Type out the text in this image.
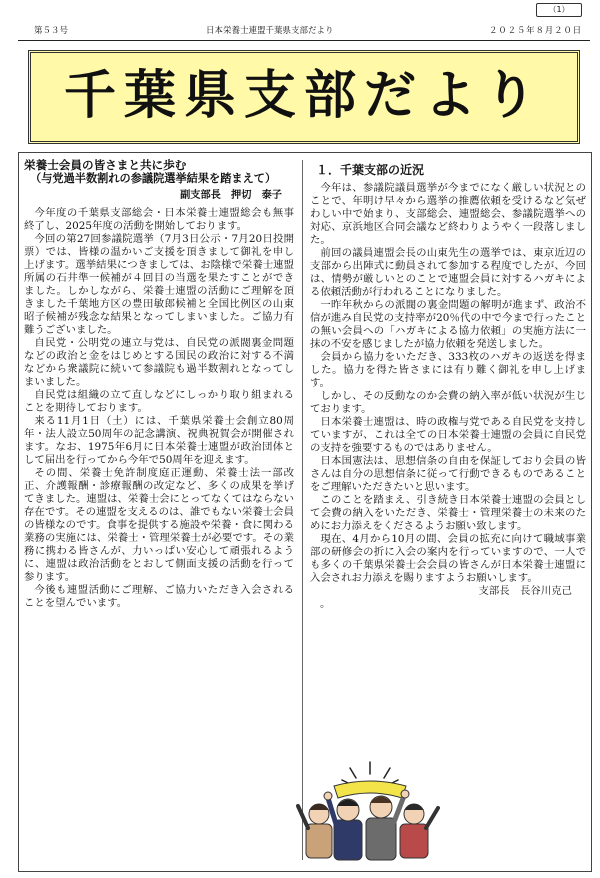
（1）
第５３号	日本栄養士連盟千葉県支部だより	２０２５年８月２０日
千葉県支部だより
栄養士会員の皆さまと共に歩む
（与党過半数割れの参議院選挙結果を踏まえて）
副支部長　押切　泰子

今年度の千葉県支部総会・日本栄養士連盟総会も無事終了し、2025年度の活動を開始しております。

今回の第27回参議院選挙（7月3日公示・7月20日投開票）では、皆様の温かいご支援を頂きまして御礼を申し上げます。選挙結果につきましては、お陰様で栄養士連盟所属の石井準一候補が４回目の当選を果たすことができました。しかしながら、栄養士連盟の活動にご理解を頂きました千葉地方区の豊田敏郎候補と全国比例区の山東昭子候補が残念な結果となってしまいました。ご協力有難うございました。

自民党・公明党の連立与党は、自民党の派閥裏金問題などの政治と金をはじめとする国民の政治に対する不満などから衆議院に続いて参議院も過半数割れとなってしまいました。

自民党は組織の立て直しなどにしっかり取り組まれることを期待しております。

来る11月1日（土）には、千葉県栄養士会創立80周年・法人設立50周年の記念講演、祝典祝賀会が開催されます。なお、1975年6月に日本栄養士連盟が政治団体として届出を行ってから今年で50周年を迎えます。

その間、栄養士免許制度庭正運動、栄養士法一部改正、介護報酬・診療報酬の改定など、多くの成果を挙げてきました。連盟は、栄養士会にとってなくてはならない存在です。その連盟を支えるのは、誰でもない栄養士会員の皆様なのです。食事を提供する施設や栄養・食に関わる業務の実施には、栄養士・管理栄養士が必要です。その業務に携わる皆さんが、力いっぱい安心して頑張れるように、連盟は政治活動をとおして側面支援の活動を行って参ります。

今後も連盟活動にご理解、ご協力いただき入会されることを望んでいます。

１．千葉支部の近況

今年は、参議院議員選挙が今までになく厳しい状況とのことで、年明け早々から選挙の推薦依頼を受けるなど気ぜわしい中で始まり、支部総会、連盟総会、参議院選挙への対応、京浜地区合同会議など終わりようやく一段落しました。

前回の議員連盟会長の山東先生の選挙では、東京近辺の支部から出陣式に動員されて参加する程度でしたが、今回は、情勢が厳しいとのことで連盟会員に対するハガキによる依頼活動が行われることになりました。

一昨年秋からの派閥の裏金問題の解明が進まず、政治不信が進み自民党の支持率が20％代の中で今まで行ったことの無い会員への「ハガキによる協力依頼」の実施方法に一抹の不安を感じましたが協力依頼を発送しました。

会員から協力をいただき、333枚のハガキの返送を得ました。協力を得た皆さまには有り難く御礼を申し上げます。

しかし、その反動なのか会費の納入率が低い状況が生じております。

日本栄養士連盟は、時の政権与党である自民党を支持していますが、これは全ての日本栄養士連盟の会員に自民党の支持を強要するものではありません。

日本国憲法は、思想信条の自由を保証しており会員の皆さんは自分の思想信条に従って行動できるものであることをご理解いただきたいと思います。

このことを踏まえ、引き続き日本栄養士連盟の会員として会費の納入をいただき、栄養士・管理栄養士の未来のためにお力添えをくださるようお願い致します。

現在、4月から10月の間、会員の拡充に向けて職域事業部の研修会の折に入会の案内を行っていますので、一人でも多くの千葉県栄養士会会員の皆さんが日本栄養士連盟に入会されお力添えを賜りますようお願いします。

支部長　長谷川克己
。
